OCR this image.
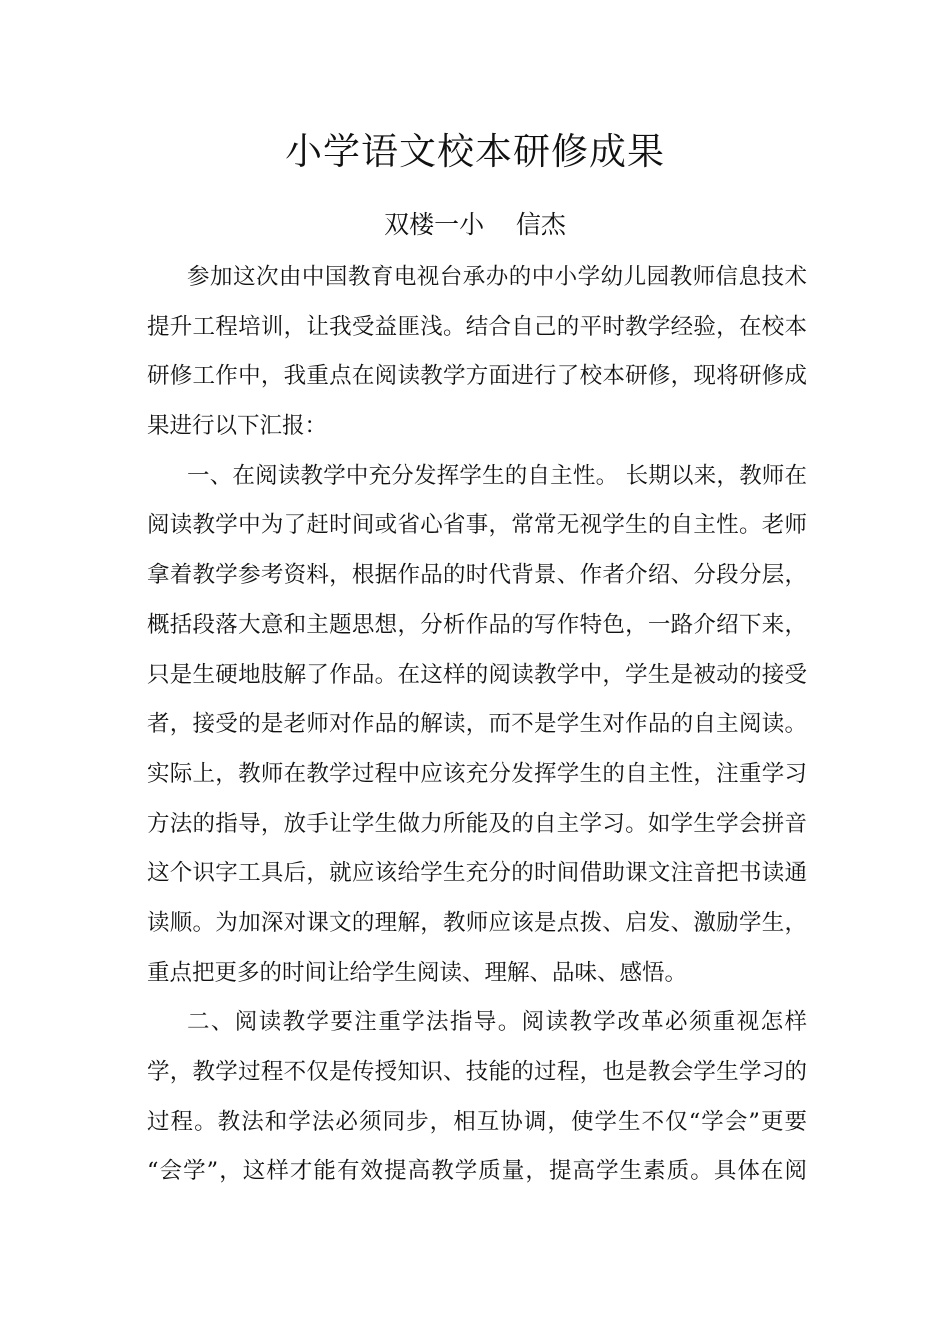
小学语文校本研修成果
双楼一小    信杰
参加这次由中国教育电视台承办的中小学幼儿园教师信息技术
提升工程培训，让我受益匪浅。结合自己的平时教学经验，在校本
研修工作中，我重点在阅读教学方面进行了校本研修，现将研修成
果进行以下汇报：
一、在阅读教学中充分发挥学生的自主性。 长期以来，教师在
阅读教学中为了赶时间或省心省事，常常无视学生的自主性。老师
拿着教学参考资料，根据作品的时代背景、作者介绍、分段分层，
概括段落大意和主题思想，分析作品的写作特色，一路介绍下来，
只是生硬地肢解了作品。在这样的阅读教学中，学生是被动的接受
者，接受的是老师对作品的解读，而不是学生对作品的自主阅读。
实际上，教师在教学过程中应该充分发挥学生的自主性，注重学习
方法的指导，放手让学生做力所能及的自主学习。如学生学会拼音
这个识字工具后，就应该给学生充分的时间借助课文注音把书读通
读顺。为加深对课文的理解，教师应该是点拨、启发、激励学生，
重点把更多的时间让给学生阅读、理解、品味、感悟。
二、阅读教学要注重学法指导。阅读教学改革必须重视怎样
学，教学过程不仅是传授知识、技能的过程，也是教会学生学习的
过程。教法和学法必须同步，相互协调，使学生不仅“学会”更要
“会学”，这样才能有效提高教学质量，提高学生素质。具体在阅
